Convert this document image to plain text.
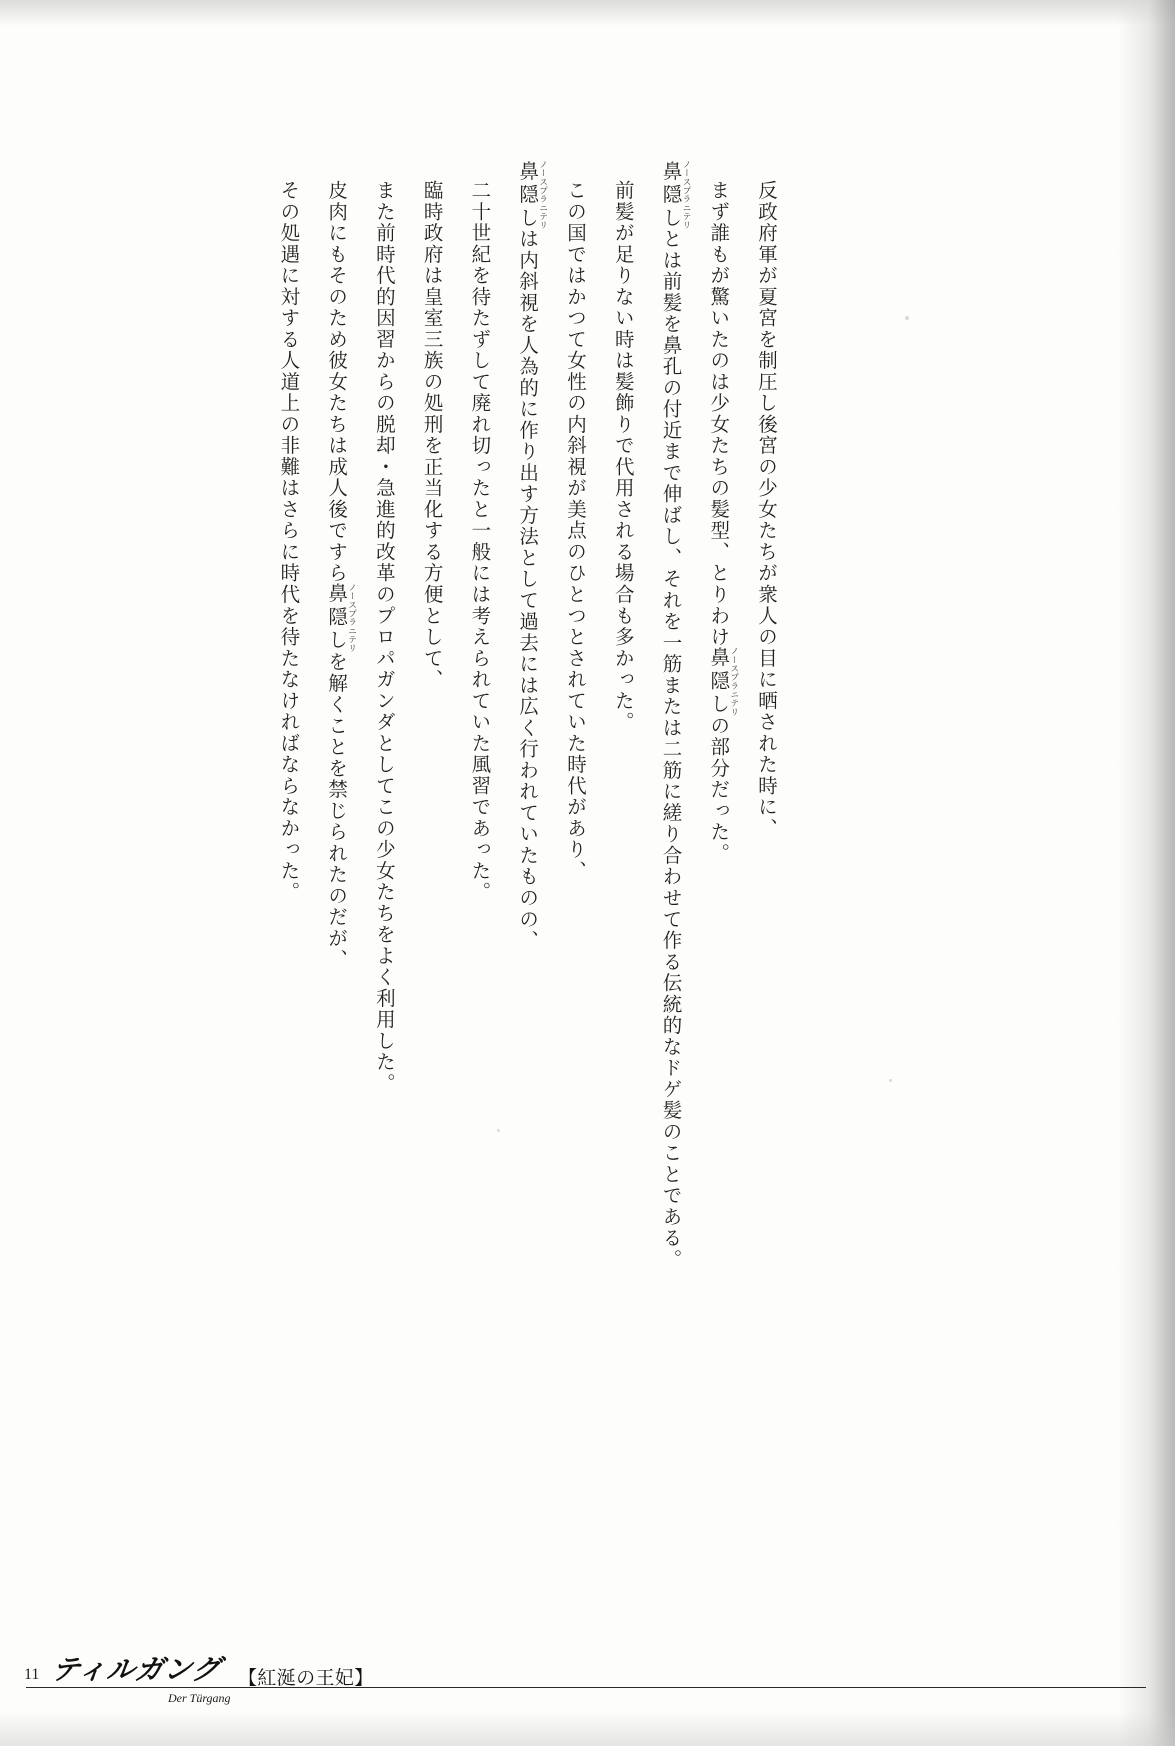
反政府軍が夏宮を制圧し後宮の少女たちが衆人の目に晒された時に、

まず誰もが驚いたのは少女たちの髪型、とりわけ鼻隠しノースプラニテリの部分だった。

鼻隠しノースプラニテリとは前髪を鼻孔の付近まで伸ばし、それを一筋または二筋に縒り合わせて作る伝統的なドゲ髪のことである。

前髪が足りない時は髪飾りで代用される場合も多かった。

この国ではかつて女性の内斜視が美点のひとつとされていた時代があり、

鼻隠しノースプラニテリは内斜視を人為的に作り出す方法として過去には広く行われていたものの、

二十世紀を待たずして廃れ切ったと一般には考えられていた風習であった。

臨時政府は皇室三族の処刑を正当化する方便として、

また前時代的因習からの脱却・急進的改革のプロパガンダとしてこの少女たちをよく利用した。

皮肉にもそのため彼女たちは成人後ですら鼻隠しノースプラニテリを解くことを禁じられたのだが、

その処遇に対する人道上の非難はさらに時代を待たなければならなかった。

11 ティルガング
Der Türgang
【紅涎の王妃】
